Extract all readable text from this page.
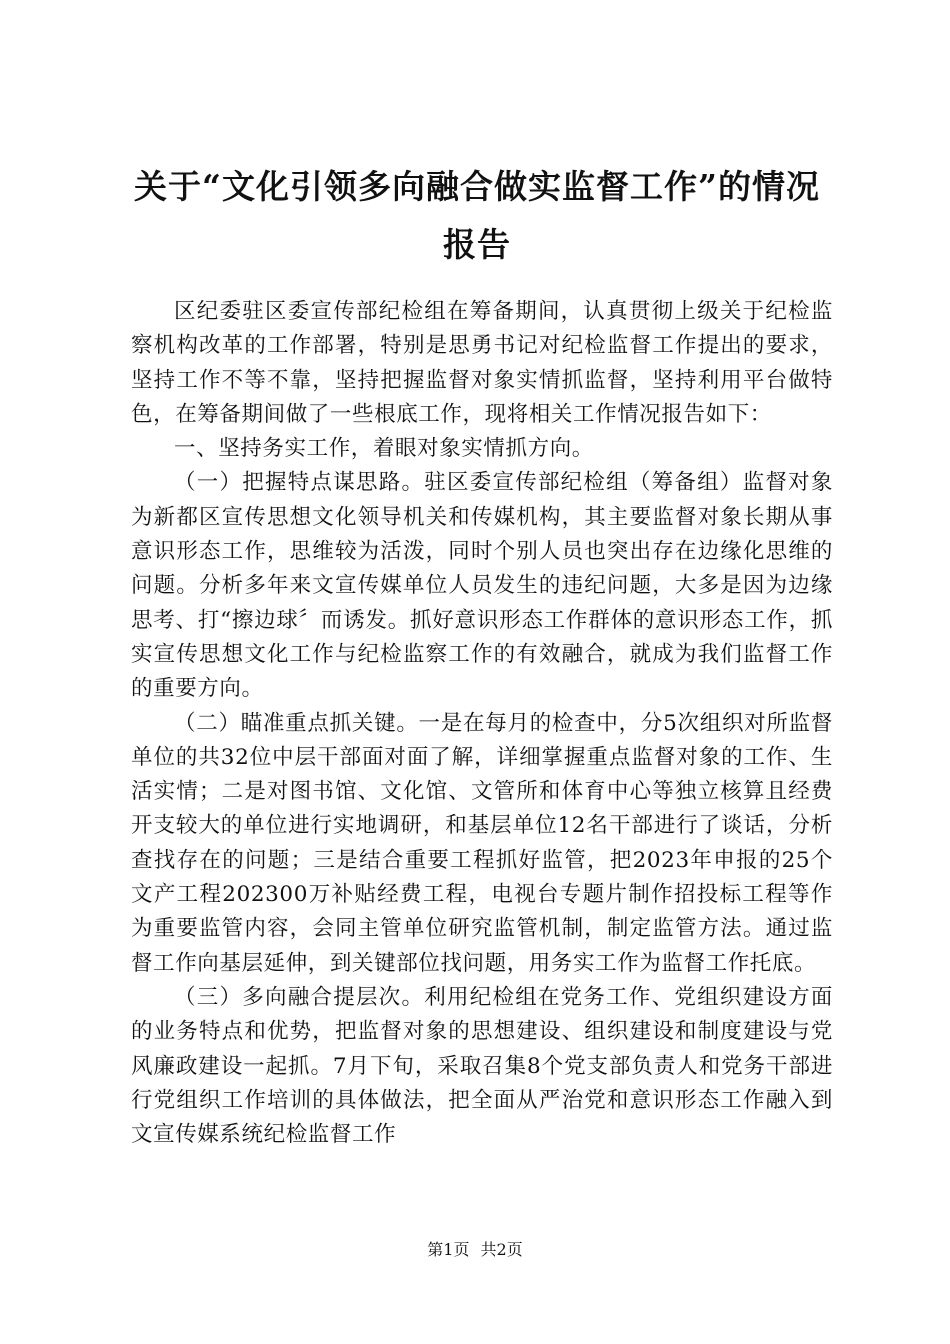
关于“文化引领多向融合做实监督工作”的情况报告

区纪委驻区委宣传部纪检组在筹备期间，认真贯彻上级关于纪检监察机构改革的工作部署，特别是思勇书记对纪检监督工作提出的要求，坚持工作不等不靠，坚持把握监督对象实情抓监督，坚持利用平台做特色，在筹备期间做了一些根底工作，现将相关工作情况报告如下：

一、坚持务实工作，着眼对象实情抓方向。

（一）把握特点谋思路。驻区委宣传部纪检组（筹备组）监督对象为新都区宣传思想文化领导机关和传媒机构，其主要监督对象长期从事意识形态工作，思维较为活泼，同时个别人员也突出存在边缘化思维的问题。分析多年来文宣传媒单位人员发生的违纪问题，大多是因为边缘思考、打“擦边球〞而诱发。抓好意识形态工作群体的意识形态工作，抓实宣传思想文化工作与纪检监察工作的有效融合，就成为我们监督工作的重要方向。

（二）瞄准重点抓关键。一是在每月的检查中，分5次组织对所监督单位的共32位中层干部面对面了解，详细掌握重点监督对象的工作、生活实情；二是对图书馆、文化馆、文管所和体育中心等独立核算且经费开支较大的单位进行实地调研，和基层单位12名干部进行了谈话，分析查找存在的问题；三是结合重要工程抓好监管，把2023年申报的25个文产工程202300万补贴经费工程，电视台专题片制作招投标工程等作为重要监管内容，会同主管单位研究监管机制，制定监管方法。通过监督工作向基层延伸，到关键部位找问题，用务实工作为监督工作托底。

（三）多向融合提层次。利用纪检组在党务工作、党组织建设方面的业务特点和优势，把监督对象的思想建设、组织建设和制度建设与党风廉政建设一起抓。7月下旬，采取召集8个党支部负责人和党务干部进行党组织工作培训的具体做法，把全面从严治党和意识形态工作融入到文宣传媒系统纪检监督工作

第1页 共2页
